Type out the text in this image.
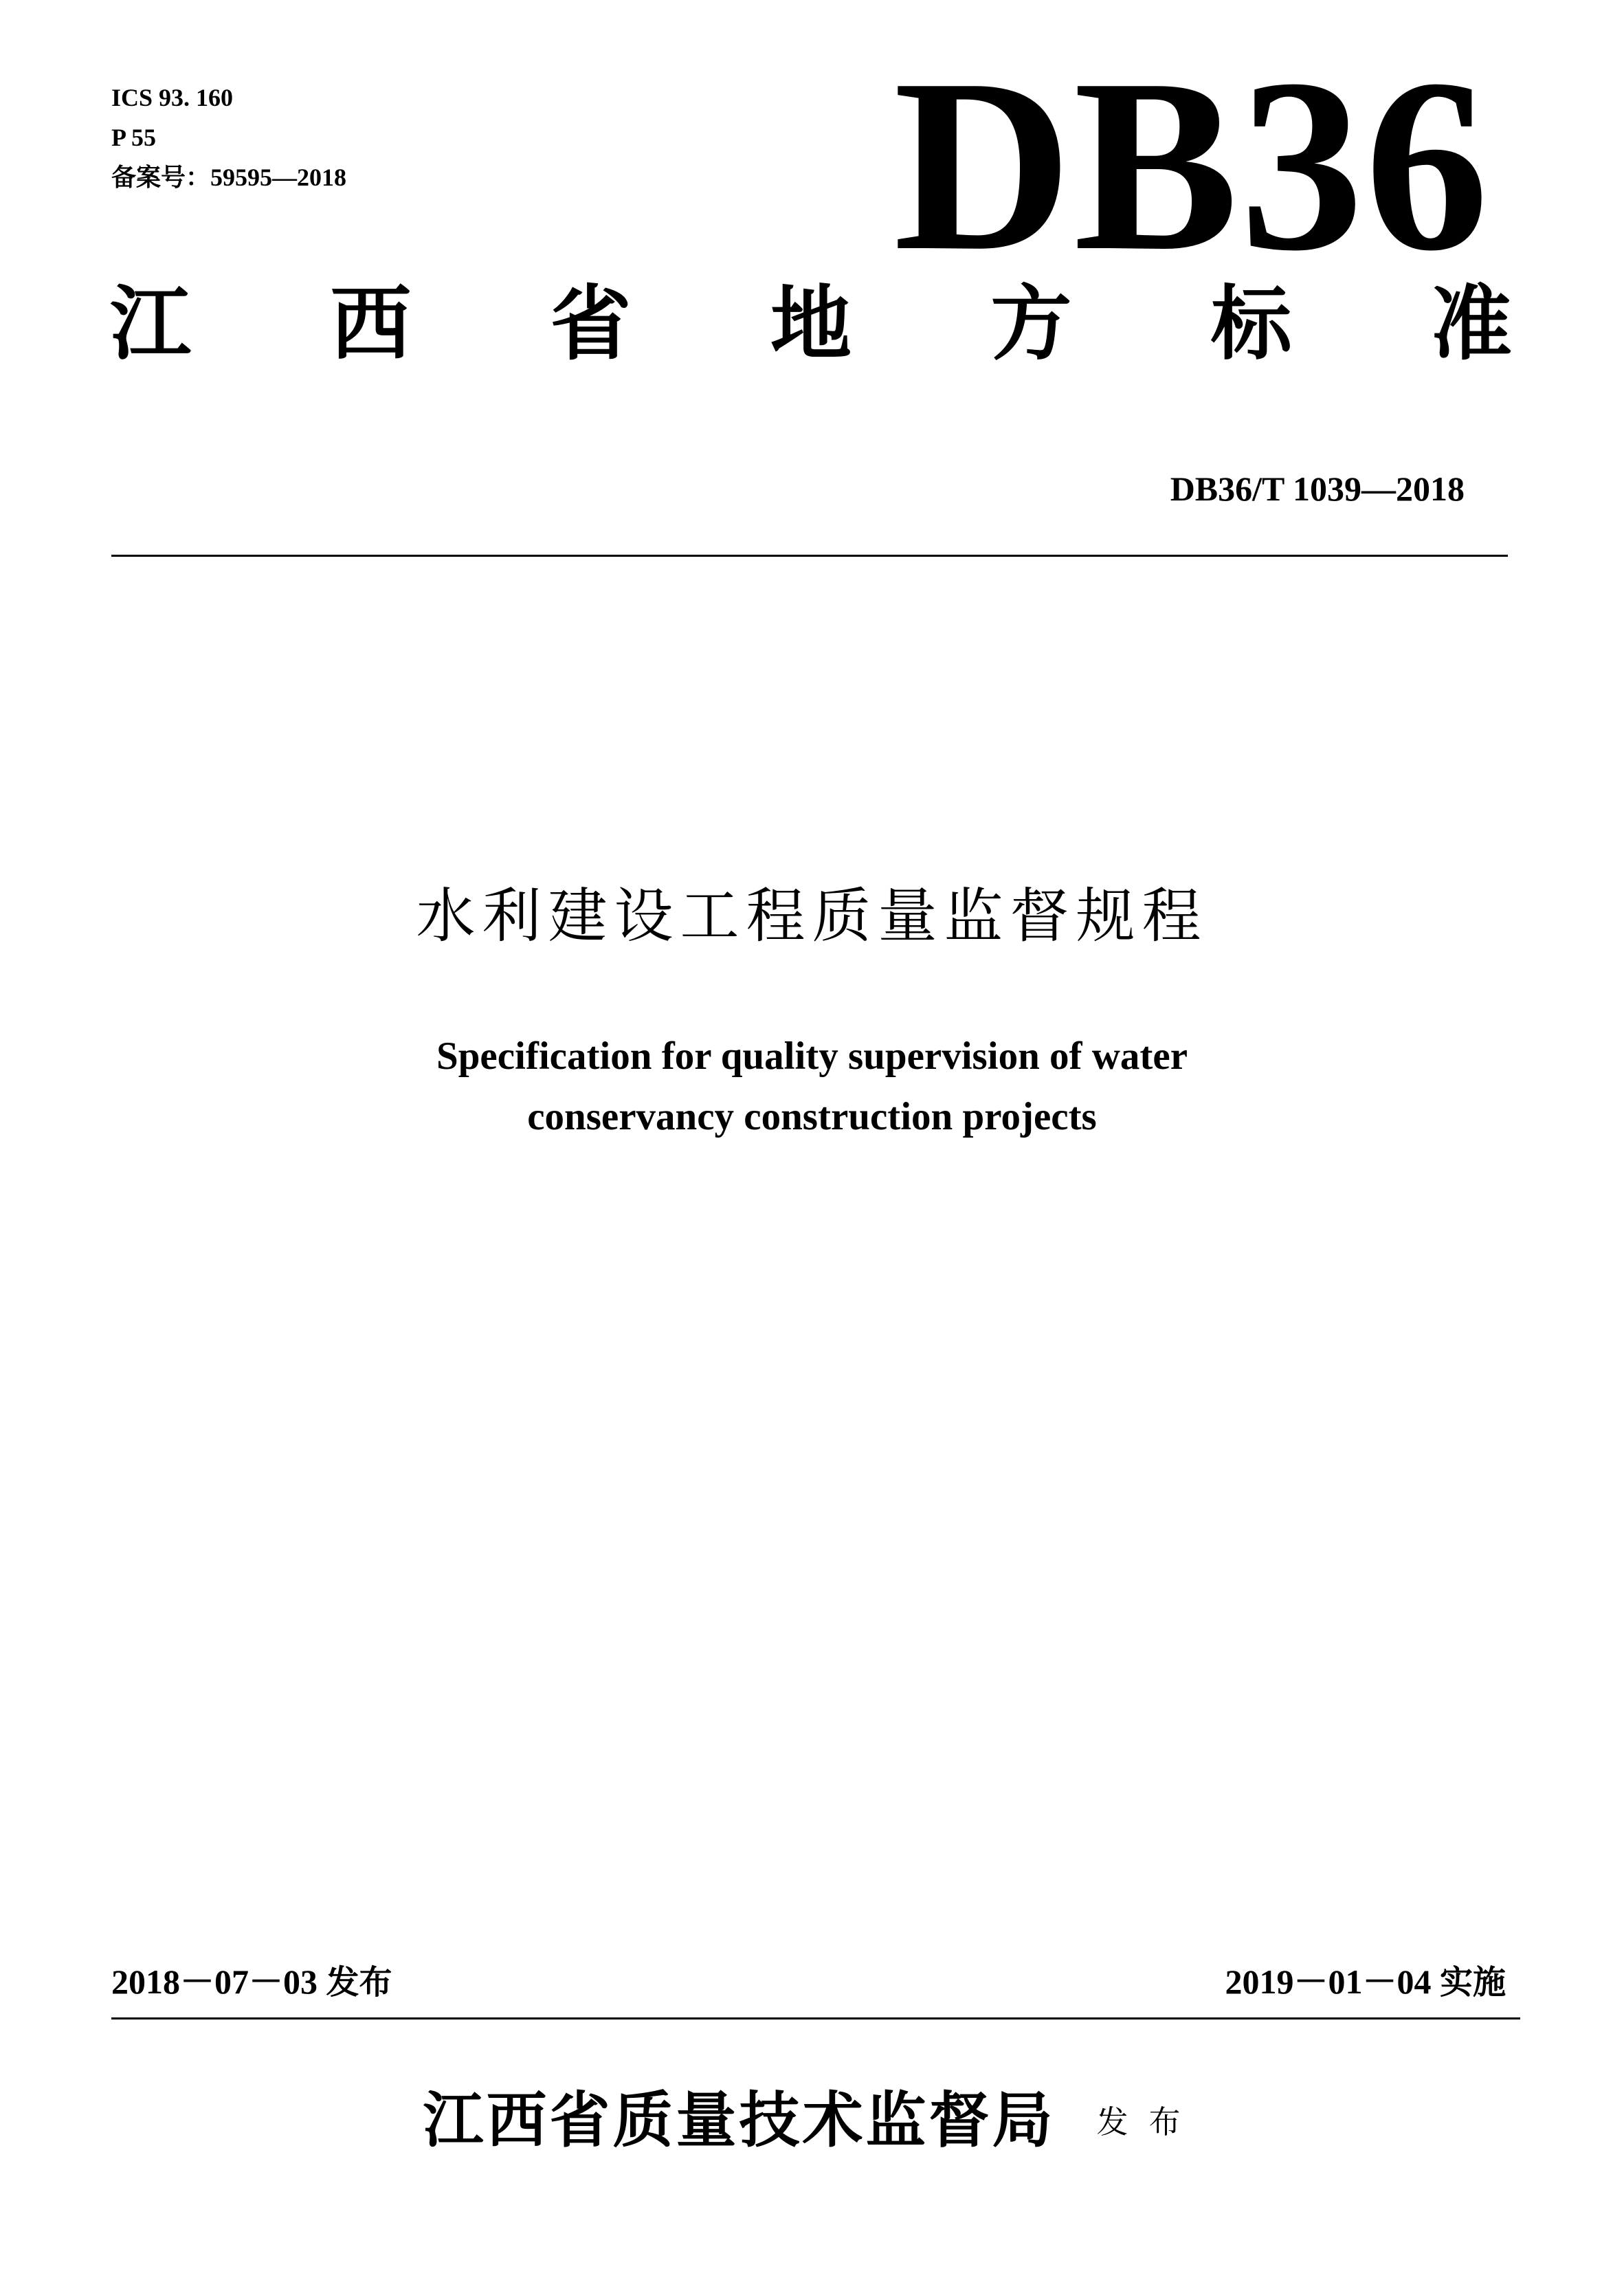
ICS 93. 160
P 55
备案号：59595—2018 DB36
江 西 省 地 方 标 准
DB36/T 1039—2018
水利建设工程质量监督规程
Specification for quality supervision of water
conservancy construction projects
2018－07－03 发布	2019－01－04 实施
江西省质量技术监督局 发布
